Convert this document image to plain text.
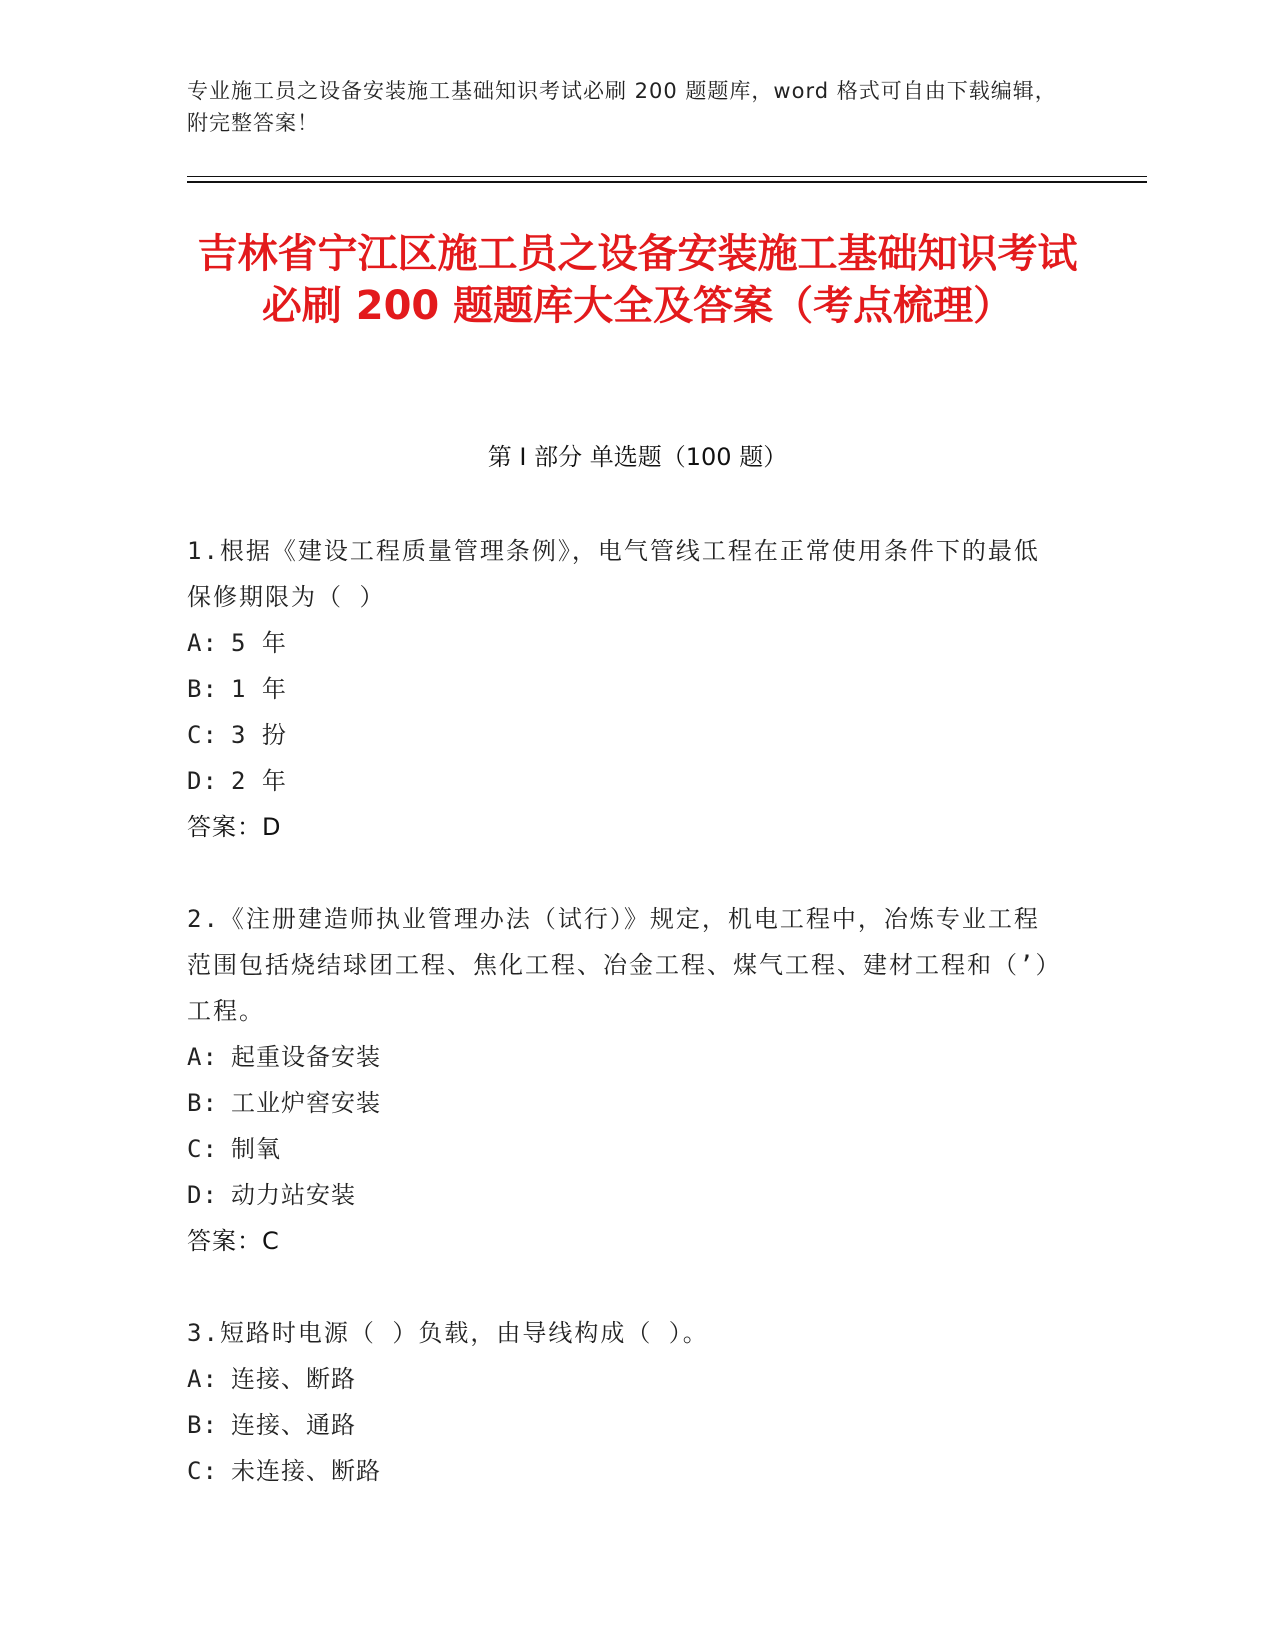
专业施工员之设备安装施工基础知识考试必刷 200 题题库，word 格式可自由下载编辑，附完整答案！
吉林省宁江区施工员之设备安装施工基础知识考试必刷 200 题题库大全及答案（考点梳理）
第 I 部分 单选题（100 题）

1.根据《建设工程质量管理条例》，电气管线工程在正常使用条件下的最低保修期限为（ ）

A: 5 年

B: 1 年

C: 3 扮

D: 2 年

答案：D

2.《注册建造师执业管理办法（试行）》规定，机电工程中，冶炼专业工程范围包括烧结球团工程、焦化工程、冶金工程、煤气工程、建材工程和（’）工程。

A: 起重设备安装

B: 工业炉窖安装

C: 制氧

D: 动力站安装

答案：C

3.短路时电源（ ）负载，由导线构成（ ）。

A: 连接、断路

B: 连接、通路

C: 未连接、断路
